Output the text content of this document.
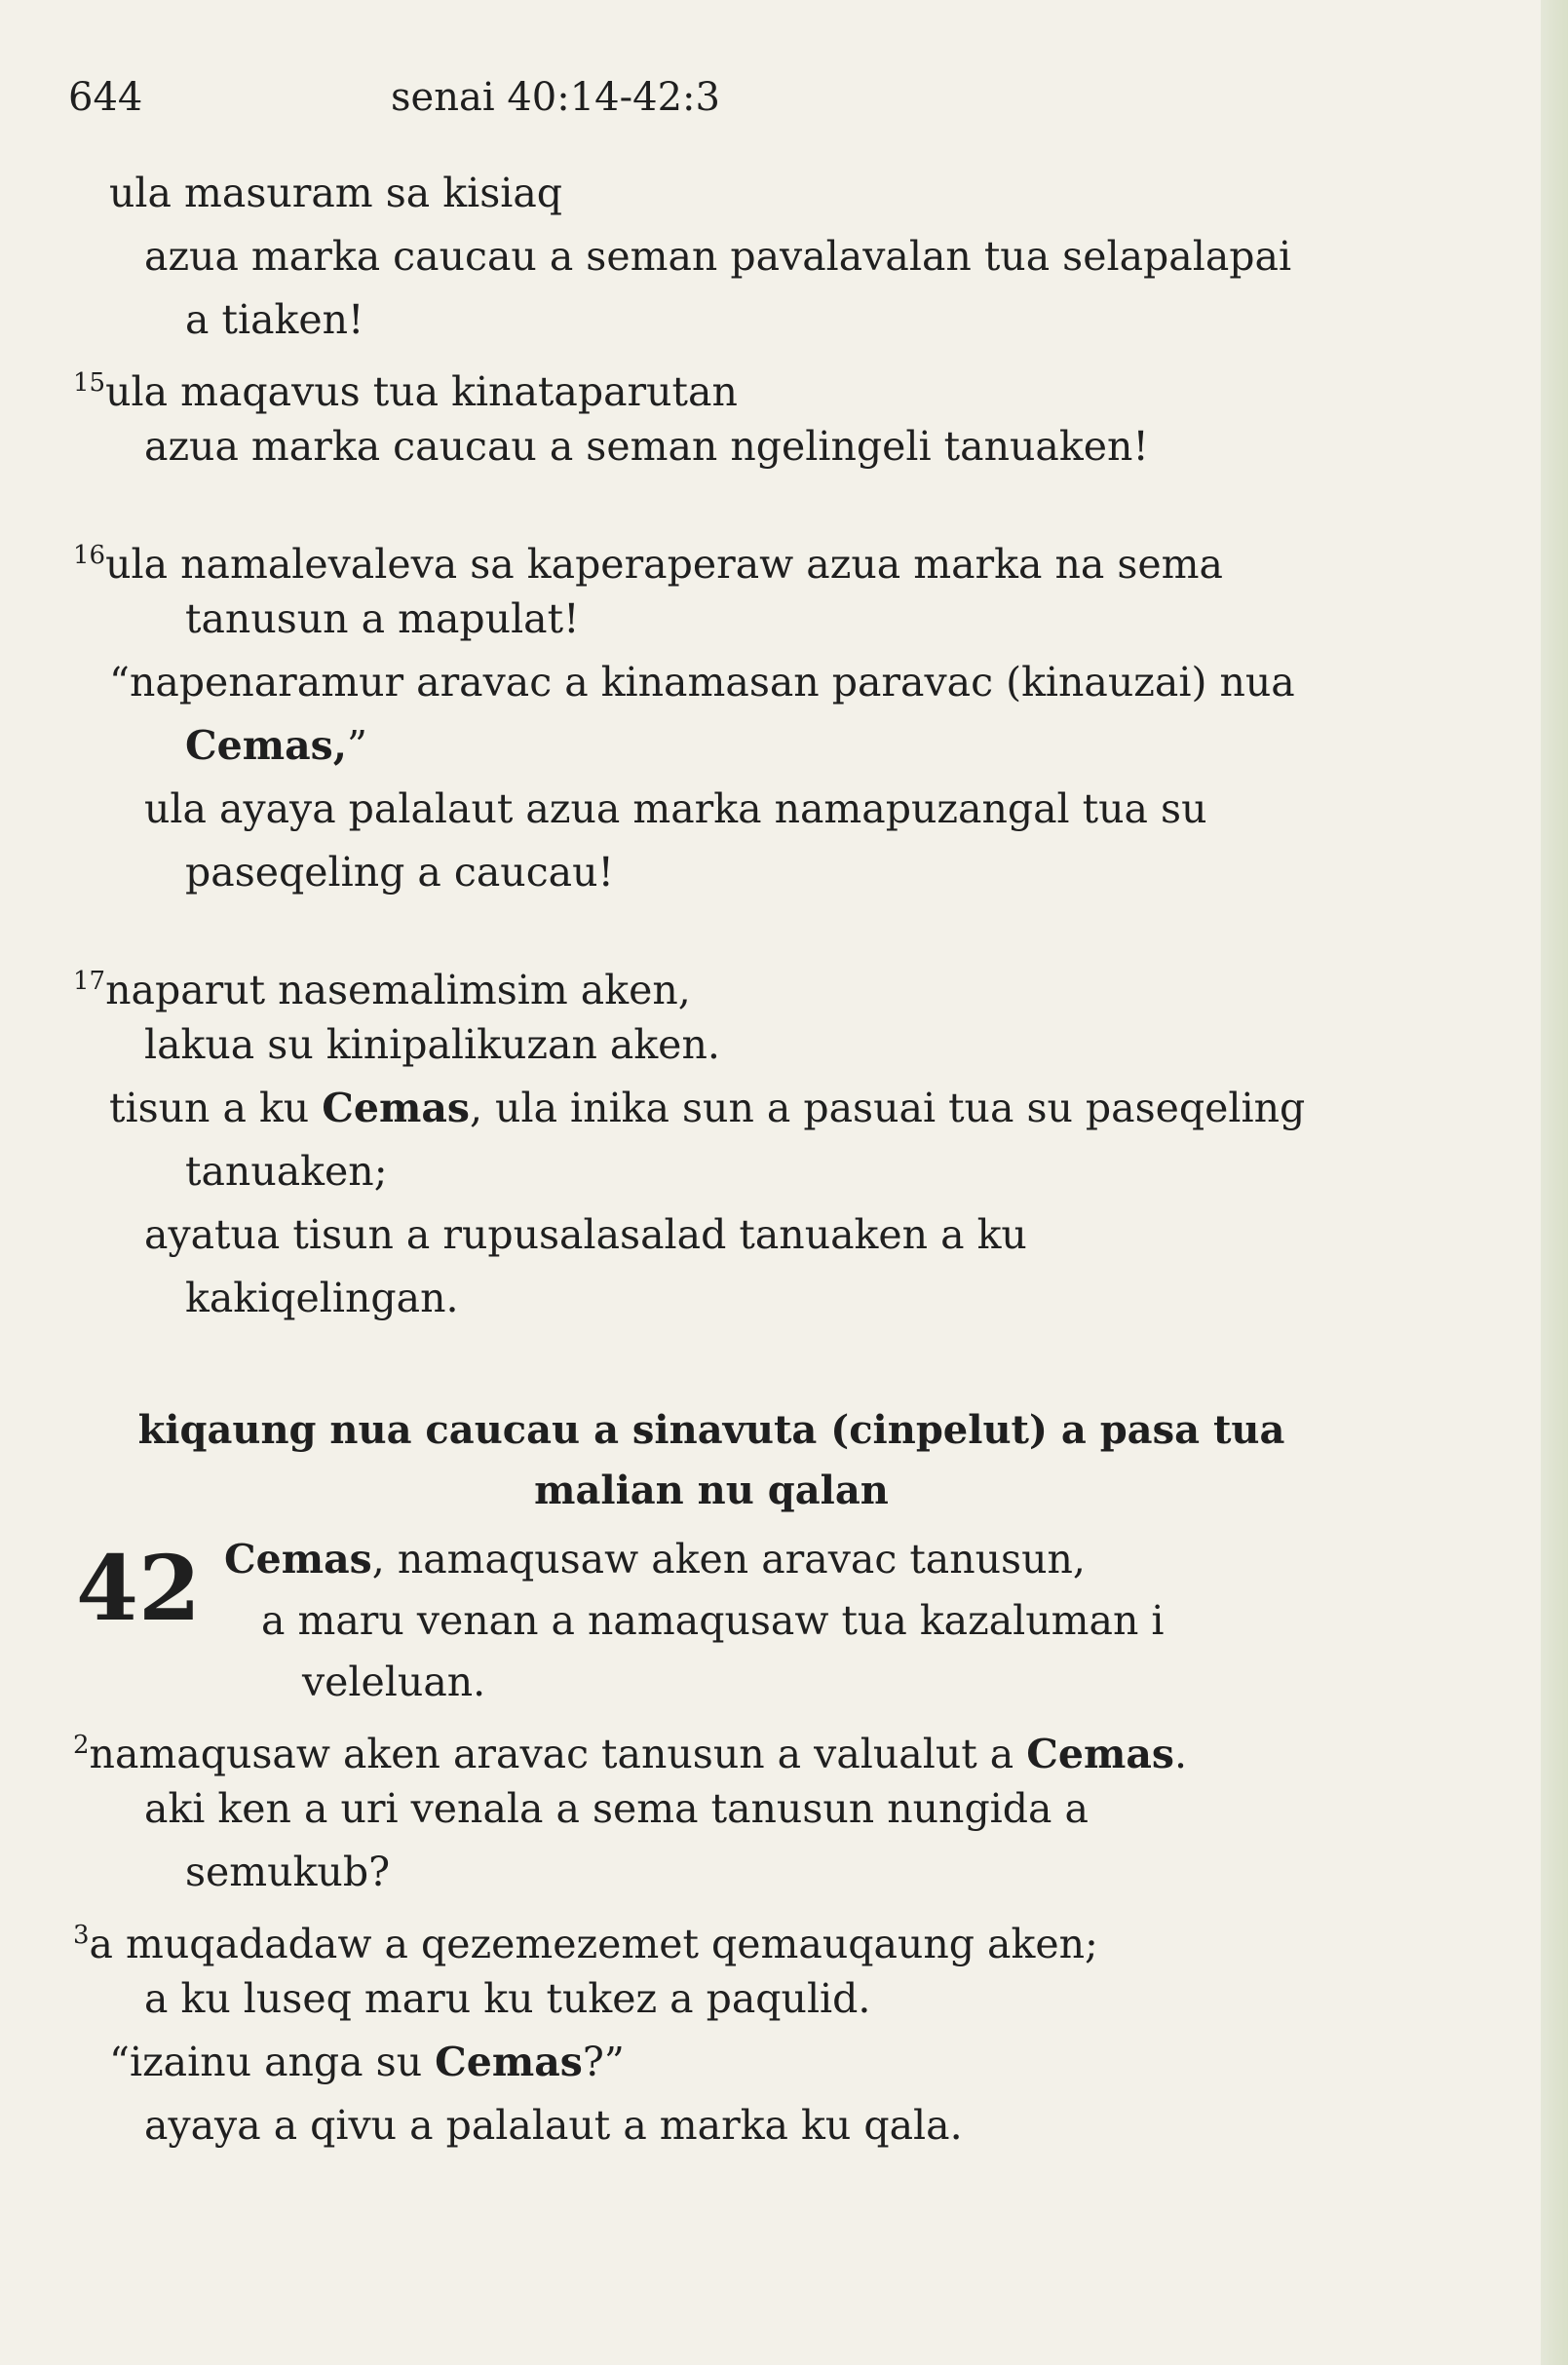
644	senai 40:14-42:3
ula masuram sa kisiaq
azua marka caucau a seman pavalavalan tua selapalapai
a tiaken!
$^{15}$ula maqavus tua kinataparutan
azua marka caucau a seman ngelingeli tanuaken!
$^{16}$ula namalevaleva sa kaperaperaw azua marka na sema
tanusun a mapulat!
“napenaramur aravac a kinamasan paravac (kinauzai) nua
Cemas,”
ula ayaya palalaut azua marka namapuzangal tua su
paseqeling a caucau!
$^{17}$naparut nasemalimsim aken,
lakua su kinipalikuzan aken.
tisun a ku Cemas, ula inika sun a pasuai tua su paseqeling
tanuaken;
ayatua tisun a rupusalasalad tanuaken a ku
kakiqelingan.
kiqaung nua caucau a sinavuta (cinpelut) a pasa tua
malian nu qalan
42 Cemas, namaqusaw aken aravac tanusun,
a maru venan a namaqusaw tua kazaluman i
veleluan.
$^2$namaqusaw aken aravac tanusun a valualut a Cemas.
aki ken a uri venala a sema tanusun nungida a
semukub?
$^3$a muqadadaw a qezemezemet qemauqaung aken;
a ku luseq maru ku tukez a paqulid.
“izainu anga su Cemas?”
ayaya a qivu a palalaut a marka ku qala.
